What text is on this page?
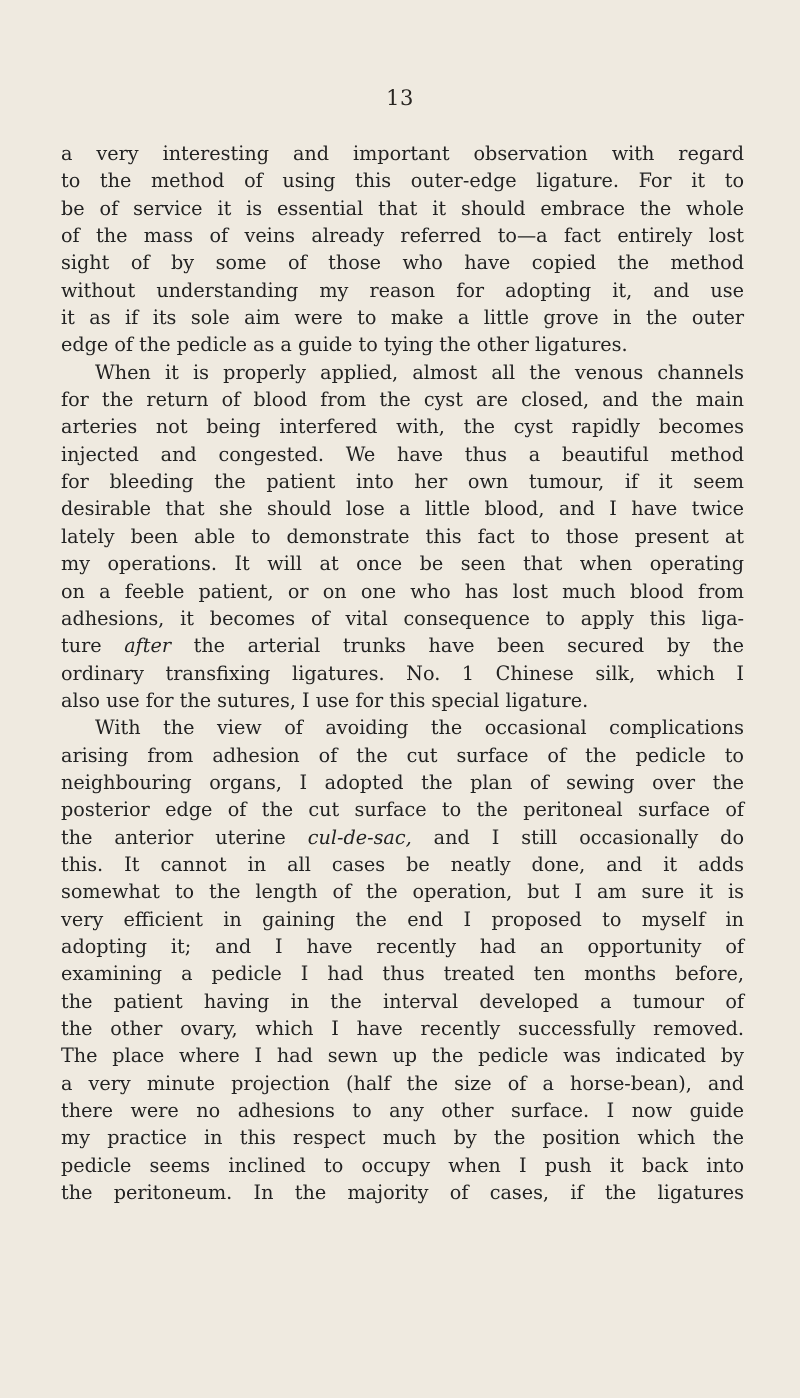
13
a very interesting and important observation with regard
to the method of using this outer-edge ligature. For it to
be of service it is essential that it should embrace the whole
of the mass of veins already referred to—a fact entirely lost
sight of by some of those who have copied the method
without understanding my reason for adopting it, and use
it as if its sole aim were to make a little grove in the outer
edge of the pedicle as a guide to tying the other ligatures.
When it is properly applied, almost all the venous channels
for the return of blood from the cyst are closed, and the main
arteries not being interfered with, the cyst rapidly becomes
injected and congested. We have thus a beautiful method
for bleeding the patient into her own tumour, if it seem
desirable that she should lose a little blood, and I have twice
lately been able to demonstrate this fact to those present at
my operations. It will at once be seen that when operating
on a feeble patient, or on one who has lost much blood from
adhesions, it becomes of vital consequence to apply this liga-
ture after the arterial trunks have been secured by the
ordinary transfixing ligatures. No. 1 Chinese silk, which I
also use for the sutures, I use for this special ligature.
With the view of avoiding the occasional complications
arising from adhesion of the cut surface of the pedicle to
neighbouring organs, I adopted the plan of sewing over the
posterior edge of the cut surface to the peritoneal surface of
the anterior uterine cul-de-sac, and I still occasionally do
this. It cannot in all cases be neatly done, and it adds
somewhat to the length of the operation, but I am sure it is
very efficient in gaining the end I proposed to myself in
adopting it; and I have recently had an opportunity of
examining a pedicle I had thus treated ten months before,
the patient having in the interval developed a tumour of
the other ovary, which I have recently successfully removed.
The place where I had sewn up the pedicle was indicated by
a very minute projection (half the size of a horse-bean), and
there were no adhesions to any other surface. I now guide
my practice in this respect much by the position which the
pedicle seems inclined to occupy when I push it back into
the peritoneum. In the majority of cases, if the ligatures
